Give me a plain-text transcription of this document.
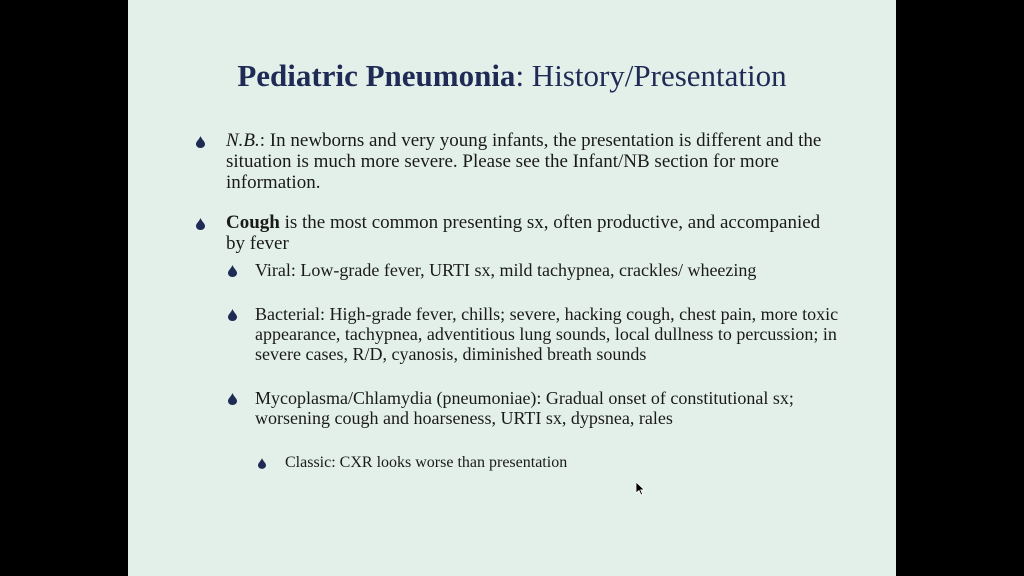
Pediatric Pneumonia: History/Presentation
N.B.: In newborns and very young infants, the presentation is different and the situation is much more severe. Please see the Infant/NB section for more information.
Cough is the most common presenting sx, often productive, and accompanied by fever
Viral: Low-grade fever, URTI sx, mild tachypnea, crackles/ wheezing
Bacterial: High-grade fever, chills; severe, hacking cough, chest pain, more toxic appearance, tachypnea, adventitious lung sounds, local dullness to percussion; in severe cases, R/D, cyanosis, diminished breath sounds
Mycoplasma/Chlamydia (pneumoniae): Gradual onset of constitutional sx; worsening cough and hoarseness, URTI sx, dypsnea, rales
Classic: CXR looks worse than presentation
